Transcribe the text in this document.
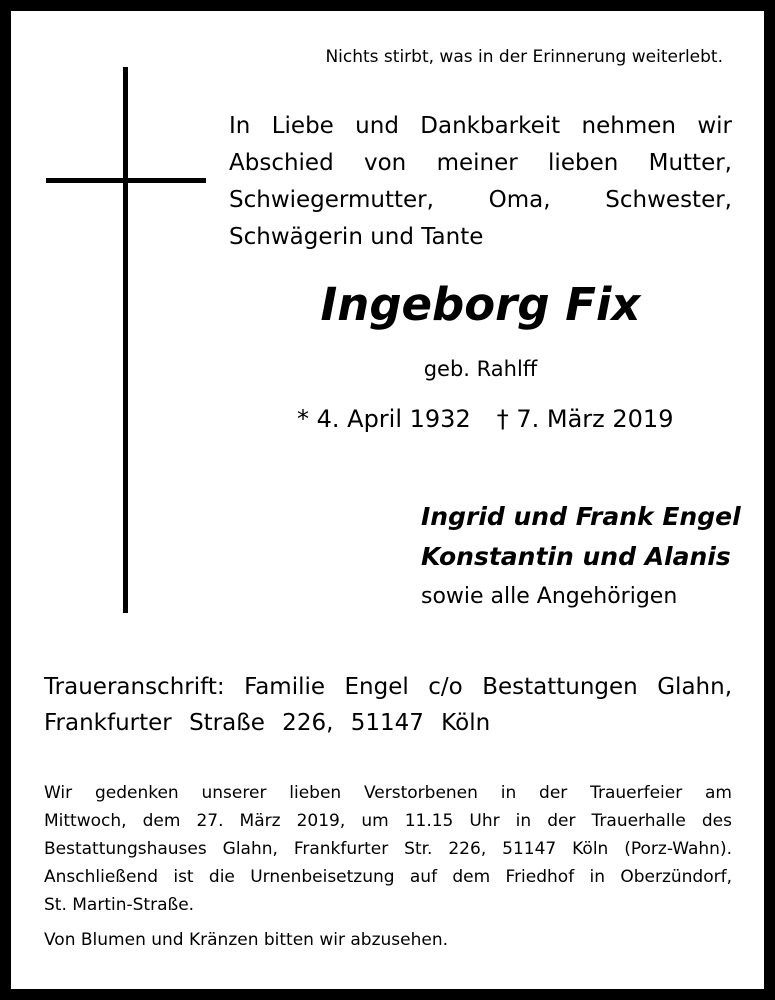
Nichts stirbt, was in der Erinnerung weiterlebt.
In Liebe und Dankbarkeit nehmen wir
Abschied von meiner lieben Mutter,
Schwiegermutter, Oma, Schwester,
Schwägerin und Tante
Ingeborg Fix
geb. Rahlff
* 4. April 1932 † 7. März 2019
Ingrid und Frank Engel
Konstantin und Alanis
sowie alle Angehörigen
Traueranschrift: Familie Engel c/o Bestattungen Glahn,
Frankfurter Straße 226, 51147 Köln
Wir gedenken unserer lieben Verstorbenen in der Trauerfeier am
Mittwoch, dem 27. März 2019, um 11.15 Uhr in der Trauerhalle des
Bestattungshauses Glahn, Frankfurter Str. 226, 51147 Köln (Porz-Wahn).
Anschließend ist die Urnenbeisetzung auf dem Friedhof in Oberzündorf,
St. Martin-Straße.
Von Blumen und Kränzen bitten wir abzusehen.
